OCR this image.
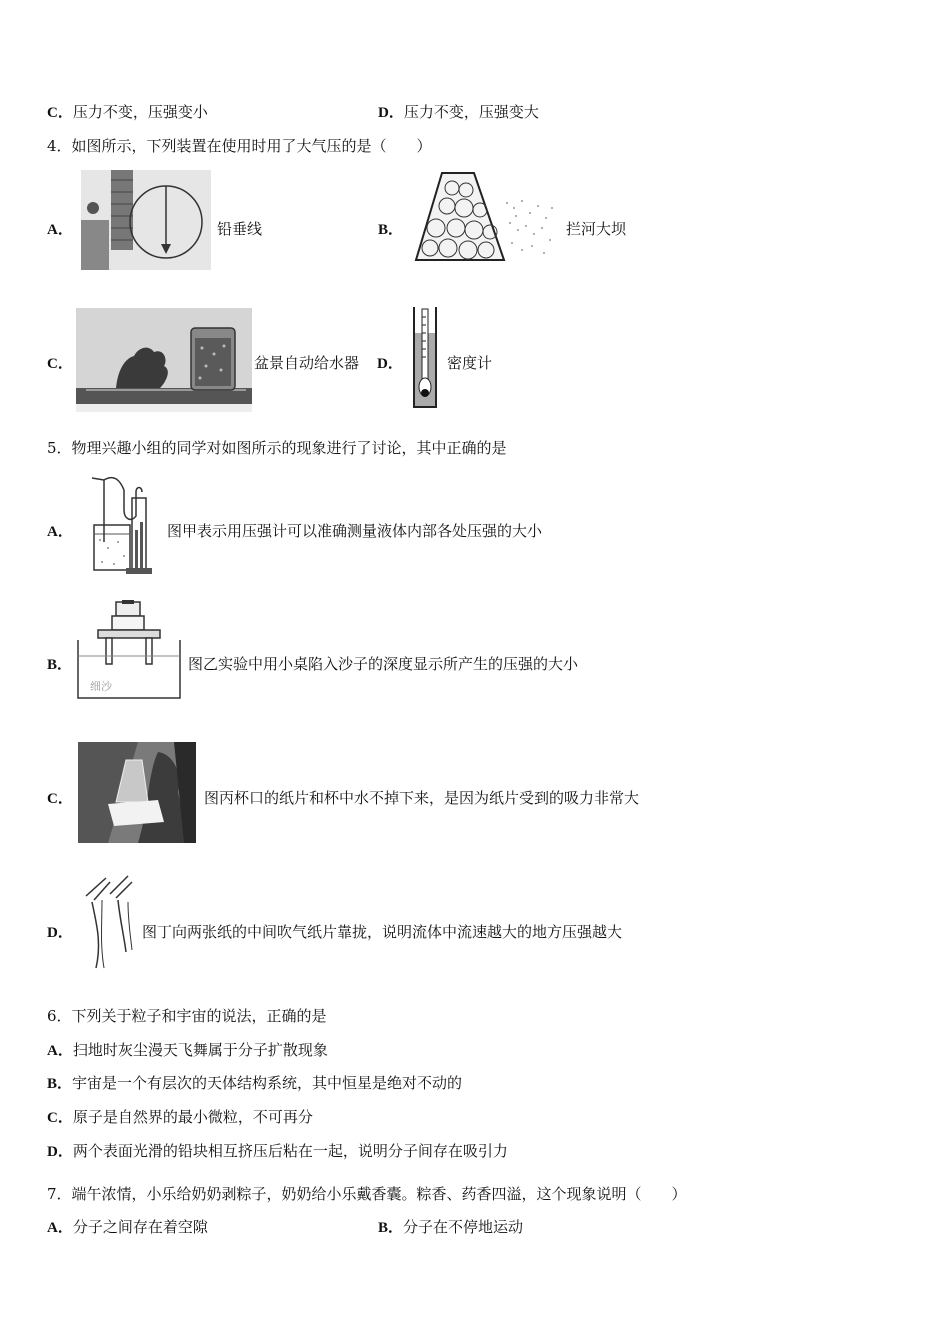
C．压力不变，压强变小	D．压力不变，压强变大
4．如图所示，下列装置在使用时用了大气压的是（　　）
A．	铅垂线	B．	拦河大坝
C．	盆景自动给水器 D．	密度计
5．物理兴趣小组的同学对如图所示的现象进行了讨论，其中正确的是
A．	图甲表示用压强计可以准确测量液体内部各处压强的大小
B．
细沙
图乙实验中用小桌陷入沙子的深度显示所产生的压强的大小
C．	图丙杯口的纸片和杯中水不掉下来，是因为纸片受到的吸力非常大
D．	图丁向两张纸的中间吹气纸片靠拢，说明流体中流速越大的地方压强越大
6．下列关于粒子和宇宙的说法，正确的是
A．扫地时灰尘漫天飞舞属于分子扩散现象
B．宇宙是一个有层次的天体结构系统，其中恒星是绝对不动的
C．原子是自然界的最小微粒，不可再分
D．两个表面光滑的铅块相互挤压后粘在一起，说明分子间存在吸引力
7．端午浓情，小乐给奶奶剥粽子，奶奶给小乐戴香囊。粽香、药香四溢，这个现象说明（　　）
A．分子之间存在着空隙	B．分子在不停地运动
